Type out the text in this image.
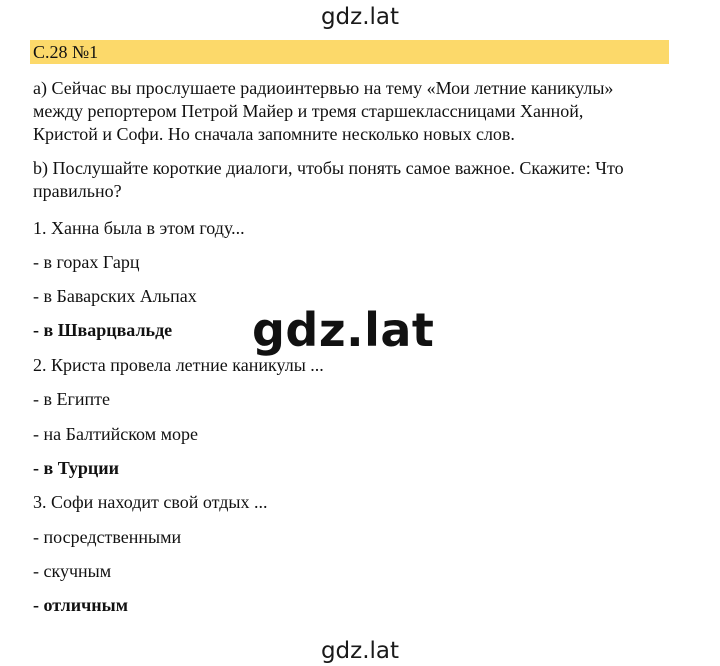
gdz.lat
С.28 №1
a) Сейчас вы прослушаете радиоинтервью на тему «Мои летние каникулы»
между репортером Петрой Майер и тремя старшеклассницами Ханной,
Кристой и Софи. Но сначала запомните несколько новых слов.
b) Послушайте короткие диалоги, чтобы понять самое важное. Скажите: Что
правильно?
1. Ханна была в этом году...
- в горах Гарц
- в Баварских Альпах
- в Шварцвальде
2. Криста провела летние каникулы ...
- в Египте
- на Балтийском море
- в Турции
3. Софи находит свой отдых ...
- посредственными
- скучным
- отличным
gdz.lat
gdz.lat
